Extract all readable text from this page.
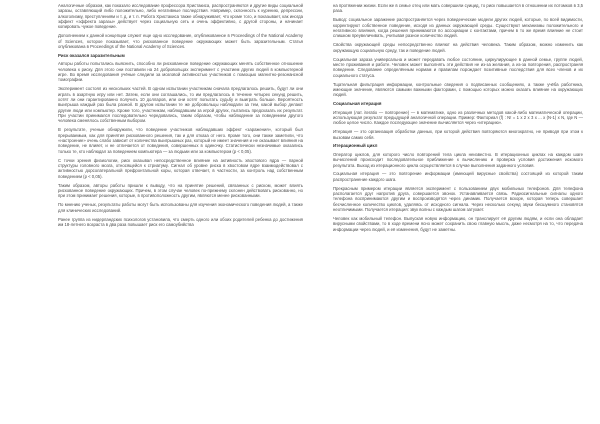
Аналогичные образом, как показало исследование профессора Христакиса, распространяются и другие виды социальной заразы, оставляющий либо положительно, либо негативные последствия. Например, склонность к курению, депрессии, алкоголизму, преступлениям и т. д. и т. п. Работа Христакиса также обнаруживает, что кроме того, и показывает, как иногда эффект «эффекта заразы» действует через социальную сеть и очень эффективно, с другой стороны, и начинает копировать чужое поведение.

Дополнением к данной концепции служит еще одно исследование, опубликованное в Proceedings of the National Academy of Sciences, которое показывает, что рискованное поведение окружающих может быть заразительным. Статья опубликована в Proceedings of the National Academy of Sciences.

Риск оказался заразительным

Авторы работы попытались выяснить, способно ли рискованное поведение окружающих менять собственное отношение человека к риску. Для этого они поставили на 24 добровольцах эксперимент с участием других людей в компьютерной игре. Во время исследования учёные следили за мозговой активностью участников с помощью магнитно-резонансной томографии.

Эксперимент состоял из нескольких частей. В одном испытании участникам сначала предлагалось решить, будут ли они играть в азартную игру или нет. Затем, если они соглашались, то им предлагалось в течение четырех секунд решить, хотят ли они гарантированно получить 10 долларов, или они хотят попытать судьбу и выиграть больше. Вероятность выигрыша каждый раз была разной. В другом испытании те же добровольцы наблюдали за тем, какой выбор делают другие люди или компьютер. Кроме того, участникам, наблюдавшим за игрой других, пытались предсказать их результат. При участии принимался последовательно чередовались, таким образом, чтобы наблюдение за поведением другого человека сменялось собственным выбором.

В результате, ученые обнаружили, что поведение участников наблюдавших эффект «заражения», который был прерываемым, как для принятия рискованного решения, так и для отказа от него. Кроме того, они также заметили, что «настроение» очень слабо зависит от количества выигрышных раз, который не имеет значения и не оказывает влияния на поведение, не влияет, и не отличается от поведения, совершенных в одиночку. Статистически незначимые оказались только те, кто наблюдал за поведением компьютера — за людьми или за компьютером (p < 0,05).

С точки зрения физиологии, риск оказывал непосредственное влияние на активность хвостового ядра — парной структуры головного мозга, относящейся к стриатуму. Сигнал об уровне риска в хвостовом ядре взаимодействовал с активностью дорсолатеральной префронтальной коры, которая отвечает, в частности, за контроль над собственным поведением (p < 0,05).

Таким образом, авторы работы пришли к выводу, что на принятие решений, связанных с риском, может влиять рискованное поведение окружающих. Причем, в этом случае человек по-прежнему склонен действовать рискованно, но при этом принимает решения, которые, в противоположность другим, являются менее рискованными.

По мнению ученых, результаты работы могут быть использованы для изучения экономического поведения людей, а также для клинических исследований.

Ранее группа из нидерландских психологов установила, что смерть одного или обоих родителей ребенка до достижения им 18-летнего возраста в два раза повышает риск его самоубийства

на протяжении жизни. Если же в семье отец или мать совершили суицид, то риск повышается в отношении их потомков в 3,5 раза.

Вывод: социальное заражение распространяется через поведенческие модели других людей, которые, по всей видимости, корректируют собственное поведение, исходя из данных окружающей среды. Существуют механизмы положительного и негативного влияния, когда решения принимаются по ассоциации с контактами, причем в то же время влияние не стоит слишком преувеличивать, учитывая разное количество людей.

Свойства окружающей среды непосредственно влияют на действия человека. Таким образом, можно изменить как окружающую социальную среду, так и поведение людей.

Социальная зараза универсальна и может передавать любое состояние, циркулирующее в данной семье, группе людей, месте проживания и работе. Человек может выполнять эти действия не из-за желания, а из-за повторения, распространяя поведение. Следование определённым нормам и правилам порождает позитивные последствия для всех членов и их социального статуса.

Тщательная фильтрация информации, контрольные сведения о подписанных сообщениях, а также учёба работника, имеющие значение, являются самыми важными факторами, с помощью которых можно оказать влияние на окружающих людей.

Социальная итерация

Итерация (лат. iteratio — повторение) — в математике, одно из различных методов какой-либо математической операции, использующая результат предыдущей аналогичной операции. Пример: Факториал (f) : N! = 1 x 2 x 3 x ... x (N-1) x N, где N — любое целое число. Каждое последующее значение вычисляется через «итерацию».

Итерация — это организация обработки данных, при которой действия повторяются многократно, не приводя при этом к вызовам самих себя.

Итерационный цикл

Оператор циклов, для которого число повторений тела цикла неизвестно. В итерационных циклах на каждом шаге вычислений происходит последовательное приближение к вычислению и проверка условия достижения искомого результата. Выход из итерационного цикла осуществляется в случае выполнения заданного условия.

Социальная итерация — это повторение информации (имеющей вирусные свойства) состоящей из которой таким распространение каждого шага.

Прекрасным примером итерации является эксперимент с пользованием двух мобильных телефонов. Для телефона располагается друг напротив друга, совершается звонок. Устанавливается связь. Радиосигнальные сигналы одного телефона воспринимаются другим и воспроизводятся через динамик. Получается вскоре, которая теперь совершает бесчисленное количество циклов, удаляясь от исходного сигнала. Через несколько секунд звуки бесшумного становятся неотличимыми. Получается итерация: звук волны с каждым шагом затухает.

Человек как мобильный телефон. Выпуская новую информацию, он транслирует её другим людям, и если она обладает вирусными свойствами, то в ходе времени ясно может сохранить свою главную мысль, даже несмотря на то, что передача информации через людей, и её изменения, будут не заметны.
